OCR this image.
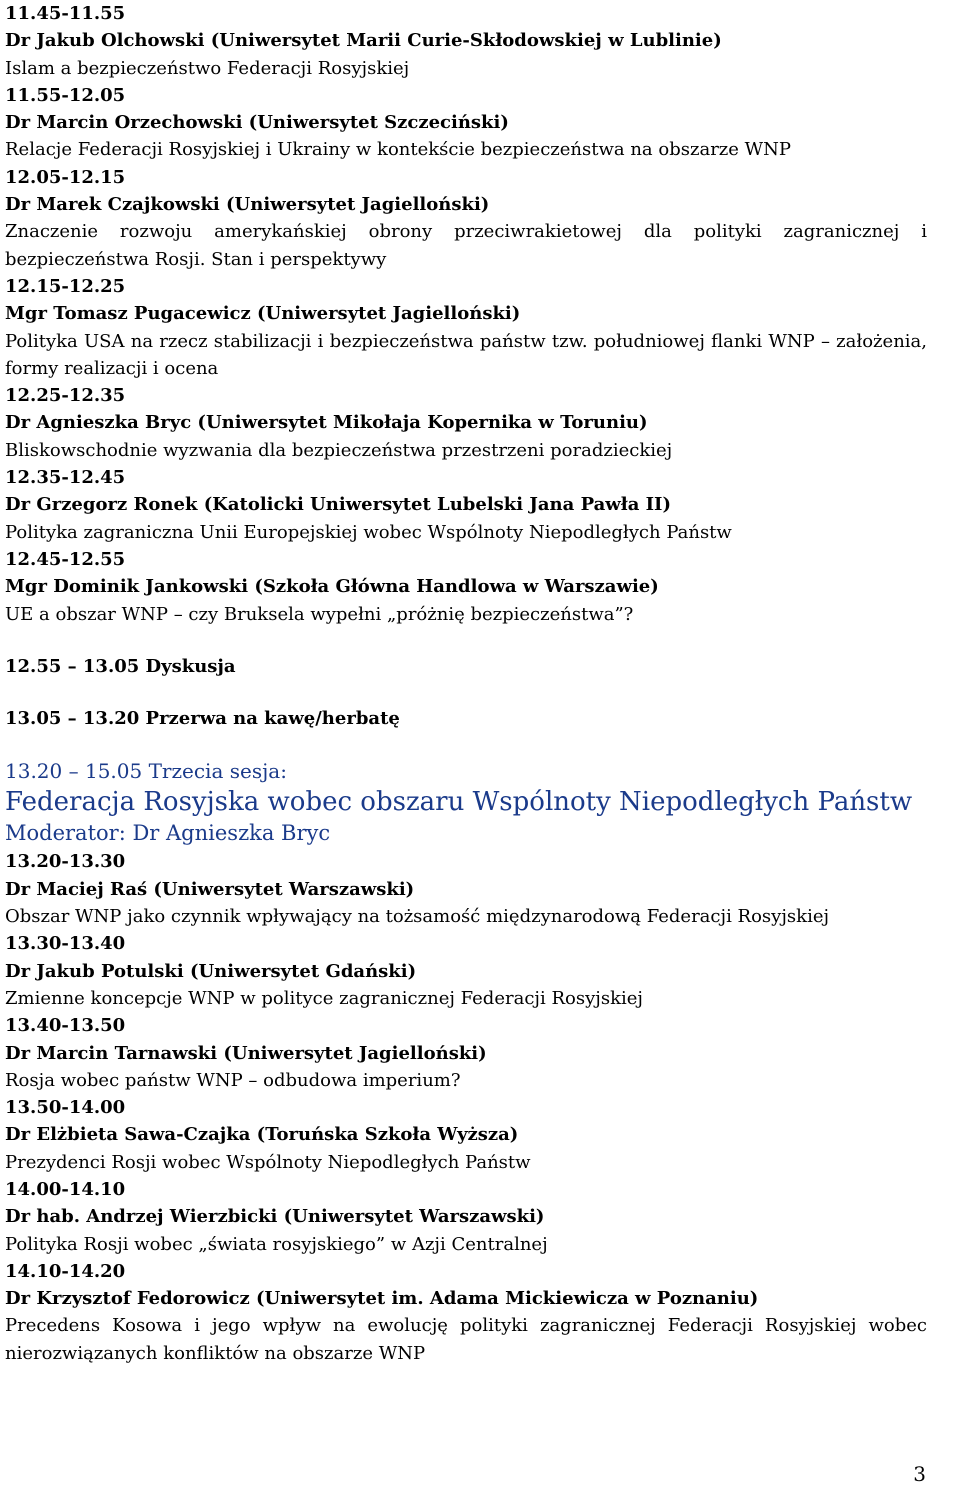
11.45-11.55
Dr Jakub Olchowski (Uniwersytet Marii Curie-Skłodowskiej w Lublinie)
Islam a bezpieczeństwo Federacji Rosyjskiej
11.55-12.05
Dr Marcin Orzechowski (Uniwersytet Szczeciński)
Relacje Federacji Rosyjskiej i Ukrainy w kontekście bezpieczeństwa na obszarze WNP
12.05-12.15
Dr Marek Czajkowski (Uniwersytet Jagielloński)
Znaczenie rozwoju amerykańskiej obrony przeciwrakietowej dla polityki zagranicznej i bezpieczeństwa Rosji. Stan i perspektywy
12.15-12.25
Mgr Tomasz Pugacewicz (Uniwersytet Jagielloński)
Polityka USA na rzecz stabilizacji i bezpieczeństwa państw tzw. południowej flanki WNP – założenia, formy realizacji i ocena
12.25-12.35
Dr Agnieszka Bryc (Uniwersytet Mikołaja Kopernika w Toruniu)
Bliskowschodnie wyzwania dla bezpieczeństwa przestrzeni poradzieckiej
12.35-12.45
Dr Grzegorz Ronek (Katolicki Uniwersytet Lubelski Jana Pawła II)
Polityka zagraniczna Unii Europejskiej wobec Wspólnoty Niepodległych Państw
12.45-12.55
Mgr Dominik Jankowski (Szkoła Główna Handlowa w Warszawie)
UE a obszar WNP – czy Bruksela wypełni „próżnię bezpieczeństwa”?
12.55 – 13.05 Dyskusja
13.05 – 13.20 Przerwa na kawę/herbatę
13.20 – 15.05 Trzecia sesja:
Federacja Rosyjska wobec obszaru Wspólnoty Niepodległych Państw
Moderator: Dr Agnieszka Bryc
13.20-13.30
Dr Maciej Raś (Uniwersytet Warszawski)
Obszar WNP jako czynnik wpływający na tożsamość międzynarodową Federacji Rosyjskiej
13.30-13.40
Dr Jakub Potulski (Uniwersytet Gdański)
Zmienne koncepcje WNP w polityce zagranicznej Federacji Rosyjskiej
13.40-13.50
Dr Marcin Tarnawski (Uniwersytet Jagielloński)
Rosja wobec państw WNP – odbudowa imperium?
13.50-14.00
Dr Elżbieta Sawa-Czajka (Toruńska Szkoła Wyższa)
Prezydenci Rosji wobec Wspólnoty Niepodległych Państw
14.00-14.10
Dr hab. Andrzej Wierzbicki (Uniwersytet Warszawski)
Polityka Rosji wobec „świata rosyjskiego” w Azji Centralnej
14.10-14.20
Dr Krzysztof Fedorowicz (Uniwersytet im. Adama Mickiewicza w Poznaniu)
Precedens Kosowa i jego wpływ na ewolucję polityki zagranicznej Federacji Rosyjskiej wobec nierozwiązanych konfliktów na obszarze WNP
3
